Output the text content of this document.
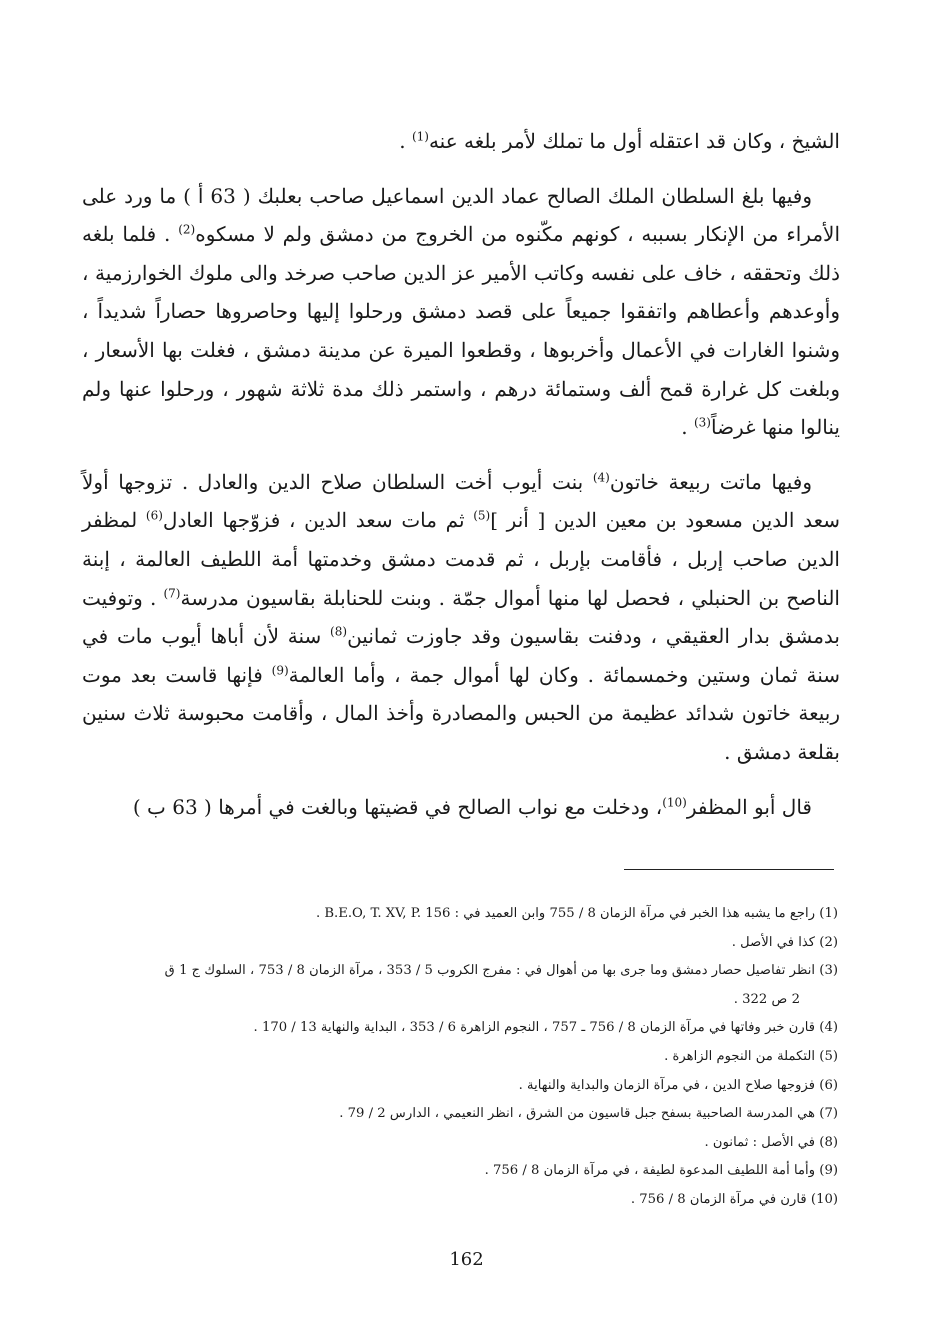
الشيخ ، وكان قد اعتقله أول ما تملك لأمر بلغه عنه$^{(1)}$ .

وفيها بلغ السلطان الملك الصالح عماد الدين اسماعيل صاحب بعلبك ( 63 أ ) ما ورد على الأمراء من الإنكار بسببه ، كونهم مكّنوه من الخروج من دمشق ولم لا مسكوه$^{(2)}$ . فلما بلغه ذلك وتحققه ، خاف على نفسه وكاتب الأمير عز الدين صاحب صرخد والى ملوك الخوارزمية ، وأوعدهم وأعطاهم واتفقوا جميعاً على قصد دمشق ورحلوا إليها وحاصروها حصاراً شديداً ، وشنوا الغارات في الأعمال وأخربوها ، وقطعوا الميرة عن مدينة دمشق ، فغلت بها الأسعار ، وبلغت كل غرارة قمح ألف وستمائة درهم ، واستمر ذلك مدة ثلاثة شهور ، ورحلوا عنها ولم ينالوا منها غرضاً$^{(3)}$ .

وفيها ماتت ربيعة خاتون$^{(4)}$ بنت أيوب أخت السلطان صلاح الدين والعادل . تزوجها أولاً سعد الدين مسعود بن معين الدين [ أنر ]$^{(5)}$ ثم مات سعد الدين ، فزوّجها العادل$^{(6)}$ لمظفر الدين صاحب إربل ، فأقامت بإربل ، ثم قدمت دمشق وخدمتها أمة اللطيف العالمة ، إبنة الناصح بن الحنبلي ، فحصل لها منها أموال جمّة . وبنت للحنابلة بقاسيون مدرسة$^{(7)}$ . وتوفيت بدمشق بدار العقيقي ، ودفنت بقاسيون وقد جاوزت ثمانين$^{(8)}$ سنة لأن أباها أيوب مات في سنة ثمان وستين وخمسمائة . وكان لها أموال جمة ، وأما العالمة$^{(9)}$ فإنها قاست بعد موت ربيعة خاتون شدائد عظيمة من الحبس والمصادرة وأخذ المال ، وأقامت محبوسة ثلاث سنين بقلعة دمشق .

قال أبو المظفر$^{(10)}$، ودخلت مع نواب الصالح في قضيتها وبالغت في أمرها ( 63 ب )

(1) راجع ما يشبه هذا الخبر في مرآة الزمان 8 / 755 وابن العميد في : B.E.O, T. XV, P. 156 .

(2) كذا في الأصل .

(3) انظر تفاصيل حصار دمشق وما جرى بها من أهوال في : مفرج الكروب 5 / 353 ، مرآة الزمان 8 / 753 ، السلوك ج 1 ق
2 ص 322 .

(4) قارن خبر وفاتها في مرآة الزمان 8 / 756 ـ 757 ، النجوم الزاهرة 6 / 353 ، البداية والنهاية 13 / 170 .

(5) التكملة من النجوم الزاهرة .

(6) فزوجها صلاح الدين ، في مرآة الزمان والبداية والنهاية .

(7) هي المدرسة الصاحبية بسفح جبل قاسيون من الشرق ، انظر النعيمي ، الدارس 2 / 79 .

(8) في الأصل : ثمانون .

(9) وأما أمة اللطيف المدعوة لطيفة ، في مرآة الزمان 8 / 756 .

(10) قارن في مرآة الزمان 8 / 756 .

162
